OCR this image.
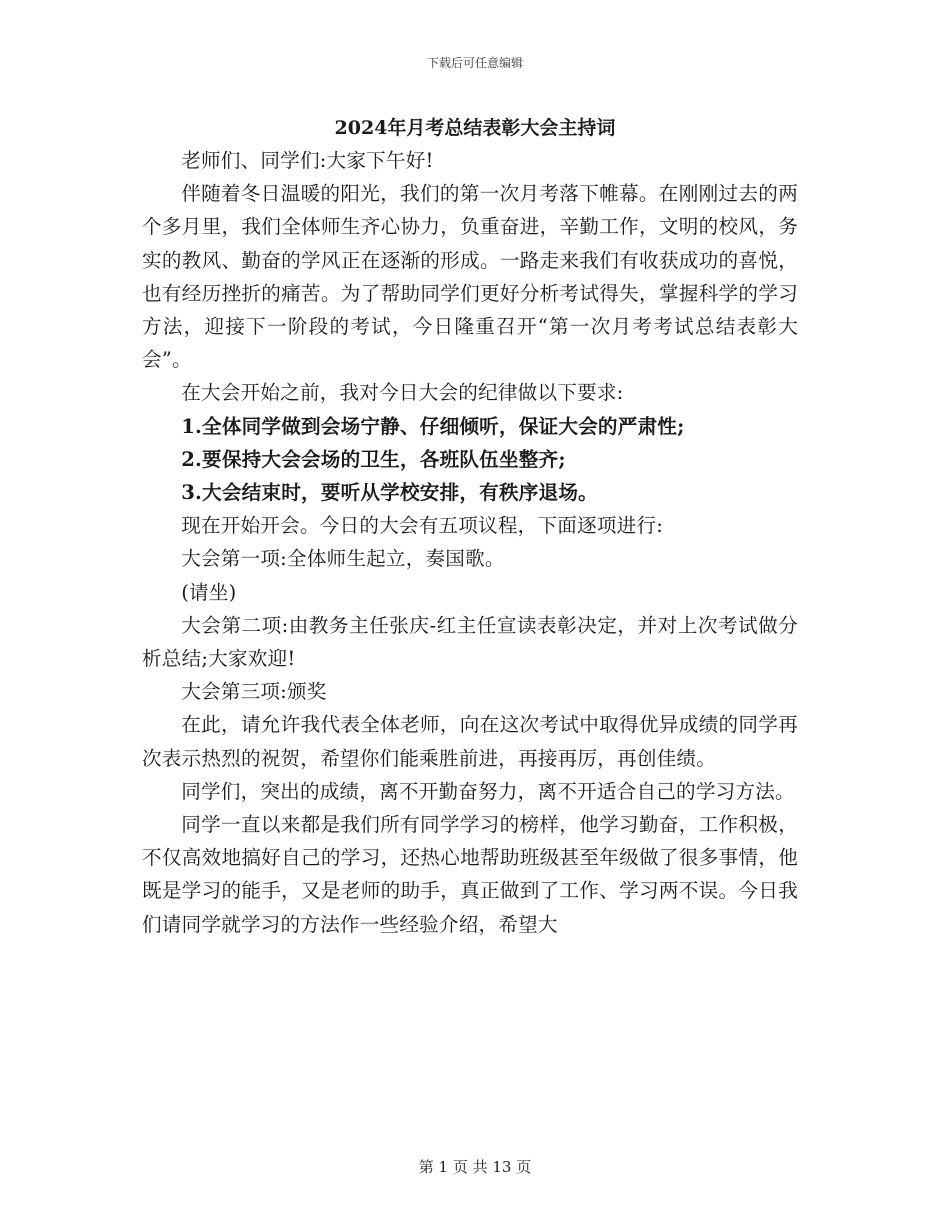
下载后可任意编辑
2024年月考总结表彰大会主持词

老师们、同学们:大家下午好!

伴随着冬日温暖的阳光，我们的第一次月考落下帷幕。在刚刚过去的两个多月里，我们全体师生齐心协力，负重奋进，辛勤工作，文明的校风，务实的教风、勤奋的学风正在逐渐的形成。一路走来我们有收获成功的喜悦，也有经历挫折的痛苦。为了帮助同学们更好分析考试得失，掌握科学的学习方法，迎接下一阶段的考试，今日隆重召开“第一次月考考试总结表彰大会”。

在大会开始之前，我对今日大会的纪律做以下要求:

1.全体同学做到会场宁静、仔细倾听，保证大会的严肃性;

2.要保持大会会场的卫生，各班队伍坐整齐;

3.大会结束时，要听从学校安排，有秩序退场。

现在开始开会。今日的大会有五项议程，下面逐项进行:

大会第一项:全体师生起立，奏国歌。

(请坐)

大会第二项:由教务主任张庆-红主任宣读表彰决定，并对上次考试做分析总结;大家欢迎!

大会第三项:颁奖

在此，请允许我代表全体老师，向在这次考试中取得优异成绩的同学再次表示热烈的祝贺，希望你们能乘胜前进，再接再厉，再创佳绩。

同学们，突出的成绩，离不开勤奋努力，离不开适合自己的学习方法。

同学一直以来都是我们所有同学学习的榜样，他学习勤奋，工作积极，不仅高效地搞好自己的学习，还热心地帮助班级甚至年级做了很多事情，他既是学习的能手，又是老师的助手，真正做到了工作、学习两不误。今日我们请同学就学习的方法作一些经验介绍，希望大

第 1 页 共 13 页
